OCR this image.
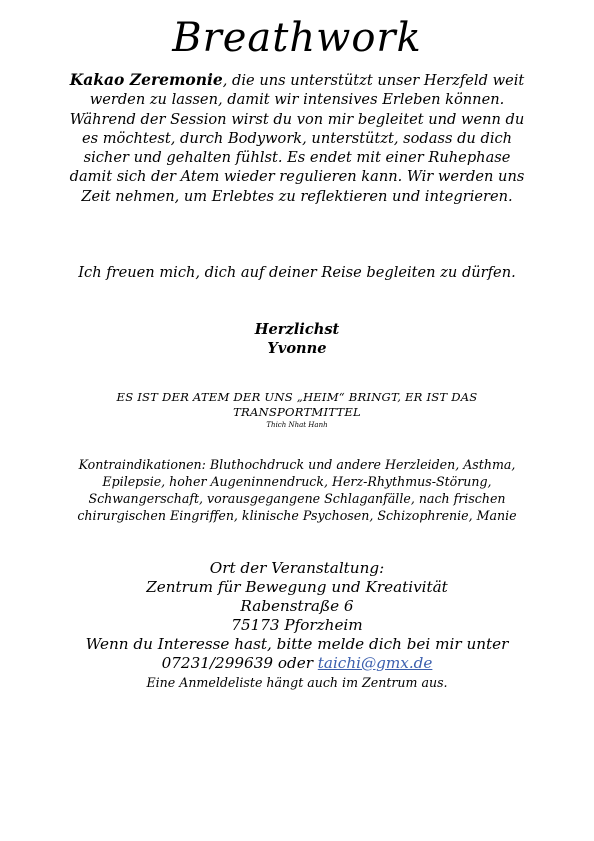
Breathwork
Kakao Zeremonie, die uns unterstützt unser Herzfeld weit werden zu lassen, damit wir intensives Erleben können. Während der Session wirst du von mir begleitet und wenn du es möchtest, durch Bodywork, unterstützt, sodass du dich sicher und gehalten fühlst. Es endet mit einer Ruhephase damit sich der Atem wieder regulieren kann. Wir werden uns Zeit nehmen, um Erlebtes zu reflektieren und integrieren.
Ich freuen mich, dich auf deiner Reise begleiten zu dürfen.
Herzlichst
Yvonne
ES IST DER ATEM DER UNS „HEIM“ BRINGT, ER IST DAS
TRANSPORTMITTEL
Thich Nhat Hanh
Kontraindikationen: Bluthochdruck und andere Herzleiden, Asthma, Epilepsie, hoher Augeninnendruck, Herz-Rhythmus-Störung, Schwangerschaft, vorausgegangene Schlaganfälle, nach frischen chirurgischen Eingriffen, klinische Psychosen, Schizophrenie, Manie
Ort der Veranstaltung:
Zentrum für Bewegung und Kreativität
Rabenstraße 6
75173 Pforzheim
Wenn du Interesse hast, bitte melde dich bei mir unter
07231/299639 oder taichi@gmx.de
Eine Anmeldeliste hängt auch im Zentrum aus.
